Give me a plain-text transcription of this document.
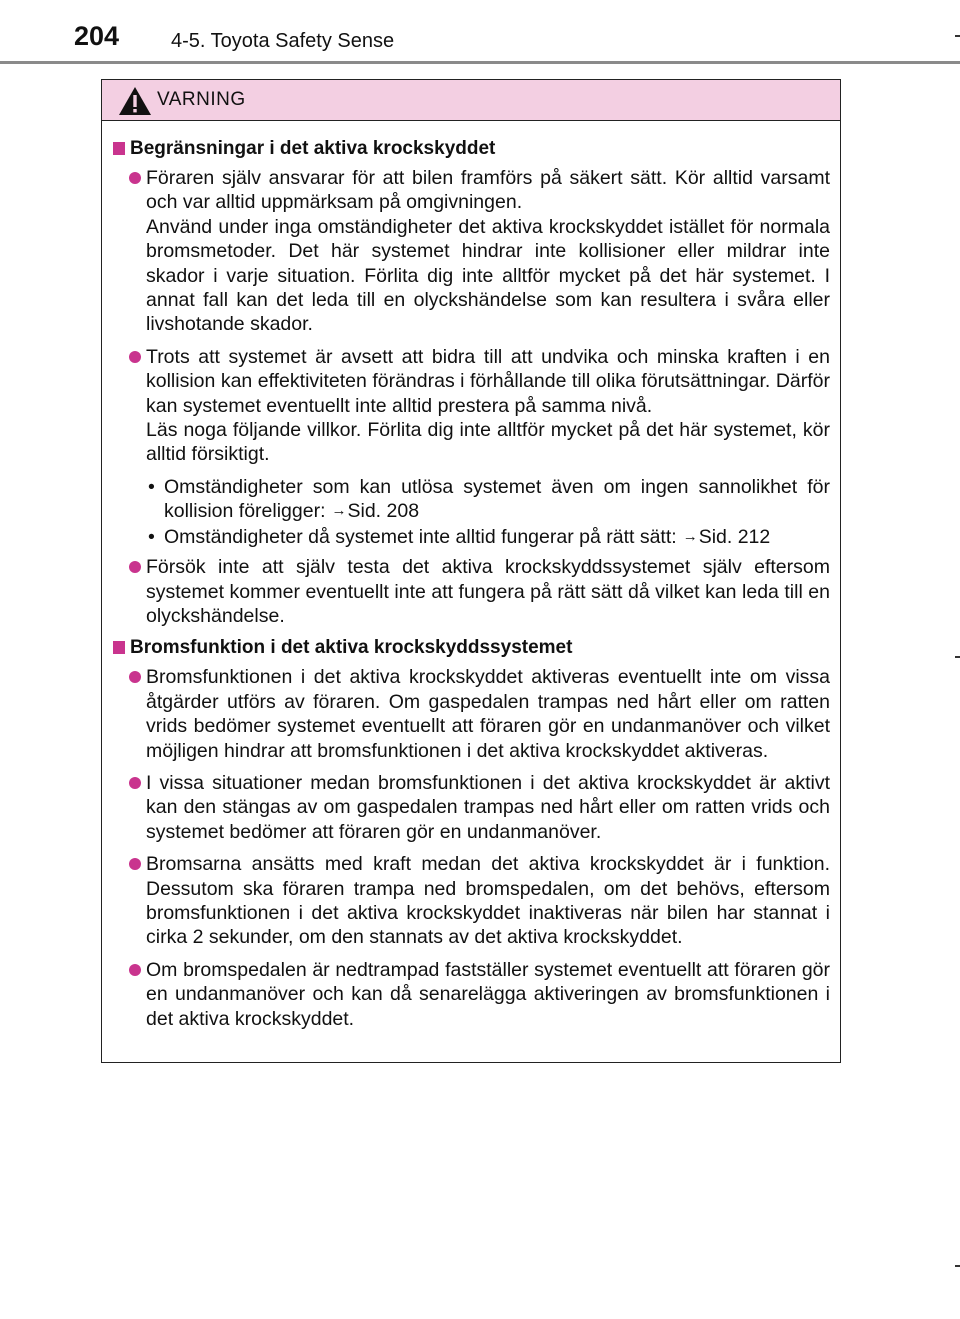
204	4-5. Toyota Safety Sense
VARNING
Begränsningar i det aktiva krockskyddet

Föraren själv ansvarar för att bilen framförs på säkert sätt. Kör alltid varsamt och var alltid uppmärksam på omgivningen.

Använd under inga omständigheter det aktiva krockskyddet istället för normala bromsmetoder. Det här systemet hindrar inte kollisioner eller mildrar inte skador i varje situation. Förlita dig inte alltför mycket på det här systemet. I annat fall kan det leda till en olyckshändelse som kan resultera i svåra eller livshotande skador.

Trots att systemet är avsett att bidra till att undvika och minska kraften i en kollision kan effektiviteten förändras i förhållande till olika förutsättningar. Därför kan systemet eventuellt inte alltid prestera på samma nivå.

Läs noga följande villkor. Förlita dig inte alltför mycket på det här systemet, kör alltid försiktigt.

• Omständigheter som kan utlösa systemet även om ingen sannolikhet för kollision föreligger: →Sid. 208
• Omständigheter då systemet inte alltid fungerar på rätt sätt: →Sid. 212

Försök inte att själv testa det aktiva krockskyddssystemet själv eftersom systemet kommer eventuellt inte att fungera på rätt sätt då vilket kan leda till en olyckshändelse.

Bromsfunktion i det aktiva krockskyddssystemet

Bromsfunktionen i det aktiva krockskyddet aktiveras eventuellt inte om vissa åtgärder utförs av föraren. Om gaspedalen trampas ned hårt eller om ratten vrids bedömer systemet eventuellt att föraren gör en undanmanöver och vilket möjligen hindrar att bromsfunktionen i det aktiva krockskyddet aktiveras.

I vissa situationer medan bromsfunktionen i det aktiva krockskyddet är aktivt kan den stängas av om gaspedalen trampas ned hårt eller om ratten vrids och systemet bedömer att föraren gör en undanmanöver.

Bromsarna ansätts med kraft medan det aktiva krockskyddet är i funktion. Dessutom ska föraren trampa ned bromspedalen, om det behövs, eftersom bromsfunktionen i det aktiva krockskyddet inaktiveras när bilen har stannat i cirka 2 sekunder, om den stannats av det aktiva krockskyddet.

Om bromspedalen är nedtrampad fastställer systemet eventuellt att föraren gör en undanmanöver och kan då senarelägga aktiveringen av bromsfunktionen i det aktiva krockskyddet.
